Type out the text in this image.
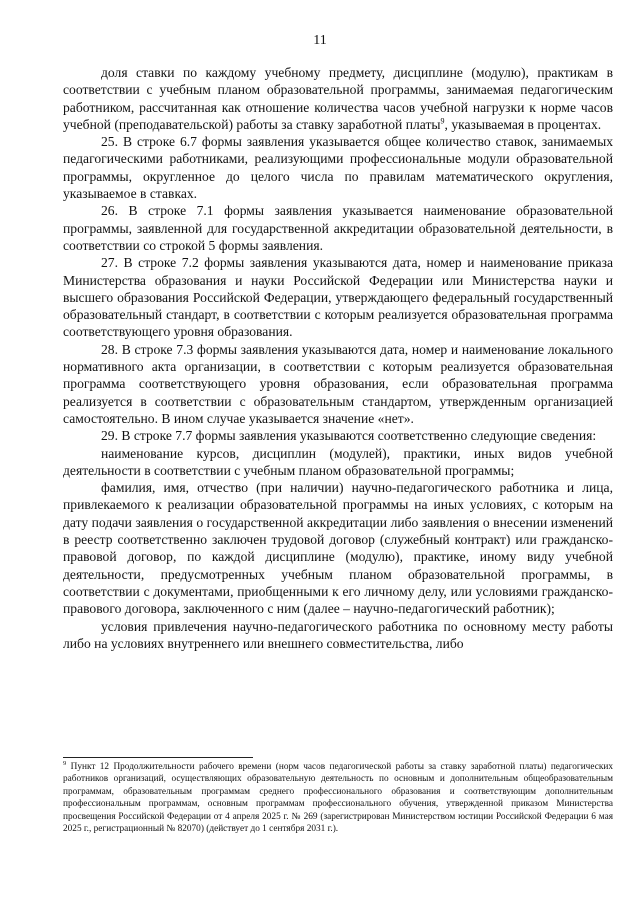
11

доля ставки по каждому учебному предмету, дисциплине (модулю), практикам в соответствии с учебным планом образовательной программы, занимаемая педагогическим работником, рассчитанная как отношение количества часов учебной нагрузки к норме часов учебной (преподавательской) работы за ставку заработной платы$^9$, указываемая в процентах.

25. В строке 6.7 формы заявления указывается общее количество ставок, занимаемых педагогическими работниками, реализующими профессиональные модули образовательной программы, округленное до целого числа по правилам математического округления, указываемое в ставках.

26. В строке 7.1 формы заявления указывается наименование образовательной программы, заявленной для государственной аккредитации образовательной деятельности, в соответствии со строкой 5 формы заявления.

27. В строке 7.2 формы заявления указываются дата, номер и наименование приказа Министерства образования и науки Российской Федерации или Министерства науки и высшего образования Российской Федерации, утверждающего федеральный государственный образовательный стандарт, в соответствии с которым реализуется образовательная программа соответствующего уровня образования.

28. В строке 7.3 формы заявления указываются дата, номер и наименование локального нормативного акта организации, в соответствии с которым реализуется образовательная программа соответствующего уровня образования, если образовательная программа реализуется в соответствии с образовательным стандартом, утвержденным организацией самостоятельно. В ином случае указывается значение «нет».

29. В строке 7.7 формы заявления указываются соответственно следующие сведения:

наименование курсов, дисциплин (модулей), практики, иных видов учебной деятельности в соответствии с учебным планом образовательной программы;

фамилия, имя, отчество (при наличии) научно-педагогического работника и лица, привлекаемого к реализации образовательной программы на иных условиях, с которым на дату подачи заявления о государственной аккредитации либо заявления о внесении изменений в реестр соответственно заключен трудовой договор (служебный контракт) или гражданско-правовой договор, по каждой дисциплине (модулю), практике, иному виду учебной деятельности, предусмотренных учебным планом образовательной программы, в соответствии с документами, приобщенными к его личному делу, или условиями гражданско-правового договора, заключенного с ним (далее – научно-педагогический работник);

условия привлечения научно-педагогического работника по основному месту работы либо на условиях внутреннего или внешнего совместительства, либо

$^9$ Пункт 12 Продолжительности рабочего времени (норм часов педагогической работы за ставку заработной платы) педагогических работников организаций, осуществляющих образовательную деятельность по основным и дополнительным общеобразовательным программам, образовательным программам среднего профессионального образования и соответствующим дополнительным профессиональным программам, основным программам профессионального обучения, утвержденной приказом Министерства просвещения Российской Федерации от 4 апреля 2025 г. № 269 (зарегистрирован Министерством юстиции Российской Федерации 6 мая 2025 г., регистрационный № 82070) (действует до 1 сентября 2031 г.).
